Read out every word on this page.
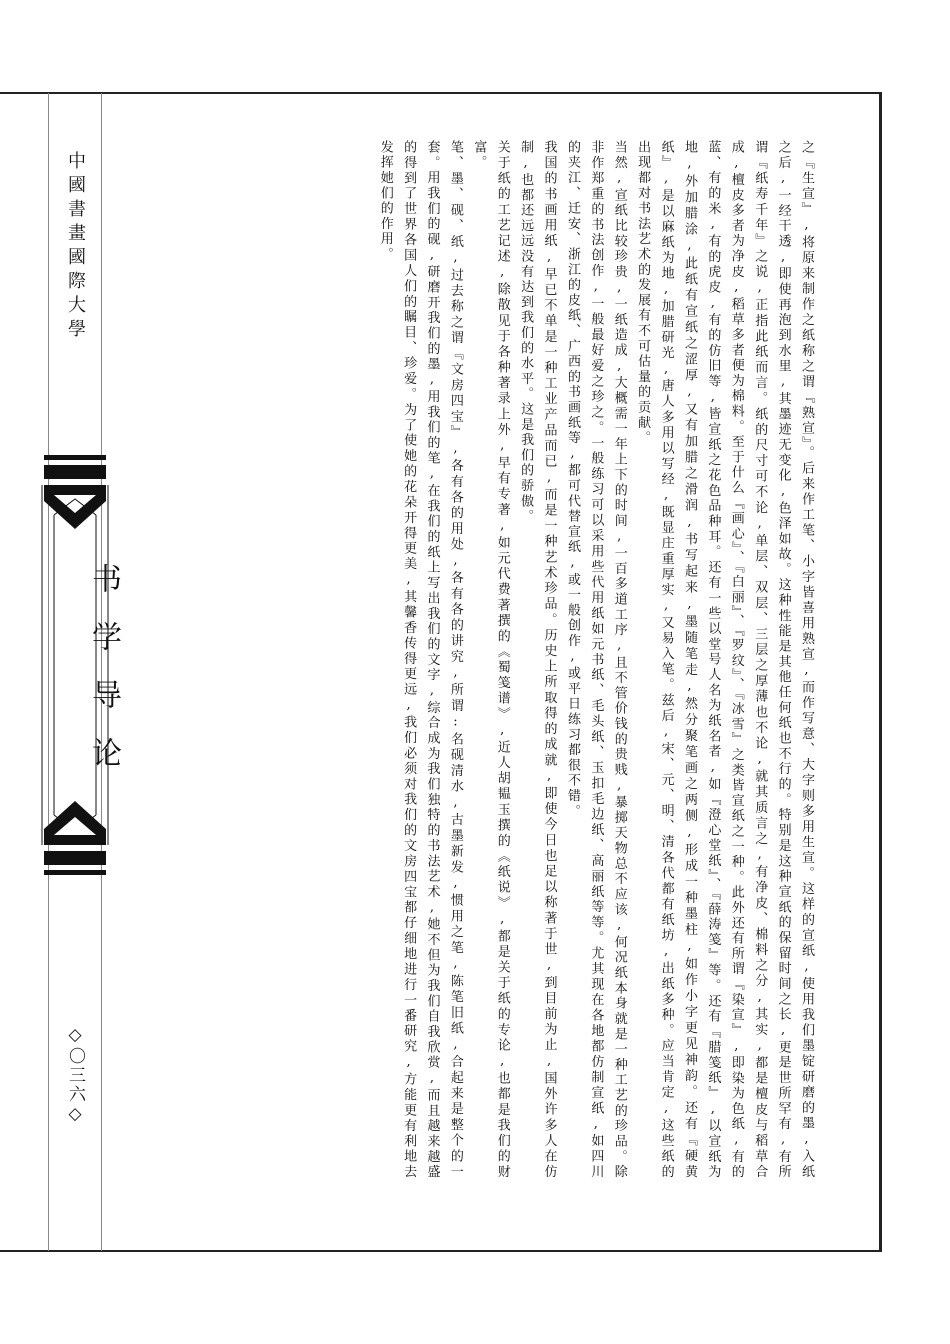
中國書畫國際大學
书学导论
◇〇三六◇	之『生宣』,将原来制作之纸称之谓『熟宣』。后来作工笔、小字皆喜用熟宣,而作写意、大字则多用生宣。这样的宣纸,使用我们墨锭研磨的墨,入纸之后,一经干透,即使再泡到水里,其墨迹无变化,色泽如故。这种性能是其他任何纸也不行的。特别是这种宣纸的保留时间之长,更是世所罕有,有所谓『纸寿千年』之说,正指此纸而言。纸的尺寸可不论,单层、双层、三层之厚薄也不论,就其质言之,有净皮、棉料之分,其实,都是檀皮与稻草合成,檀皮多者为净皮,稻草多者便为棉料。至于什么『画心』、『白丽』、『罗纹』、『冰雪』之类皆宣纸之一种。此外还有所谓『染宣』,即染为色纸,有的蓝、有的米,有的虎皮,有的仿旧等,皆宣纸之花色品种耳。还有一些以堂号人名为纸名者,如『澄心堂纸』、『薛涛笺』等。还有『腊笺纸』,以宣纸为地,外加腊涂,此纸有宣纸之涩厚,又有加腊之滑润,书写起来,墨随笔走,然分聚笔画之两侧,形成一种墨柱,如作小字更见神韵。还有『硬黄纸』,是以麻纸为地,加腊研光,唐人多用以写经,既显庄重厚实,又易入笔。兹后,宋、元、明、清各代都有纸坊,出纸多种。应当肯定,这些纸的出现都对书法艺术的发展有不可估量的贡献。

当然,宣纸比较珍贵,一纸造成,大概需一年上下的时间,一百多道工序,且不管价钱的贵贱,暴掷天物总不应该,何况纸本身就是一种工艺的珍品。除非作郑重的书法创作,一般最好爱之珍之。一般练习可以采用些代用纸如元书纸、毛头纸、玉扣毛边纸、高丽纸等等。尤其现在各地都仿制宣纸,如四川的夹江、迁安、浙江的皮纸、广西的书画纸等,都可代替宣纸,或一般创作,或平日练习都很不错。

我国的书画用纸,早已不单是一种工业产品而已,而是一种艺术珍品。历史上所取得的成就,即使今日也足以称著于世,到目前为止,国外许多人在仿制,也都还远远没有达到我们的水平。这是我们的骄傲。

关于纸的工艺记述,除散见于各种著录上外,早有专著,如元代费著撰的《蜀笺谱》,近人胡韫玉撰的《纸说》,都是关于纸的专论,也都是我们的财富。

笔、墨、砚、纸,过去称之谓『文房四宝』,各有各的用处,各有各的讲究,所谓:名砚清水,古墨新发,惯用之笔,陈笔旧纸,合起来是整个的一套。用我们的砚,研磨开我们的墨,用我们的笔,在我们的纸上写出我们的文字,综合成为我们独特的书法艺术,她不但为我们自我欣赏,而且越来越盛的得到了世界各国人们的瞩目、珍爱。为了使她的花朵开得更美,其馨香传得更远,我们必须对我们的文房四宝都仔细地进行一番研究,方能更有利地去发挥她们的作用。
